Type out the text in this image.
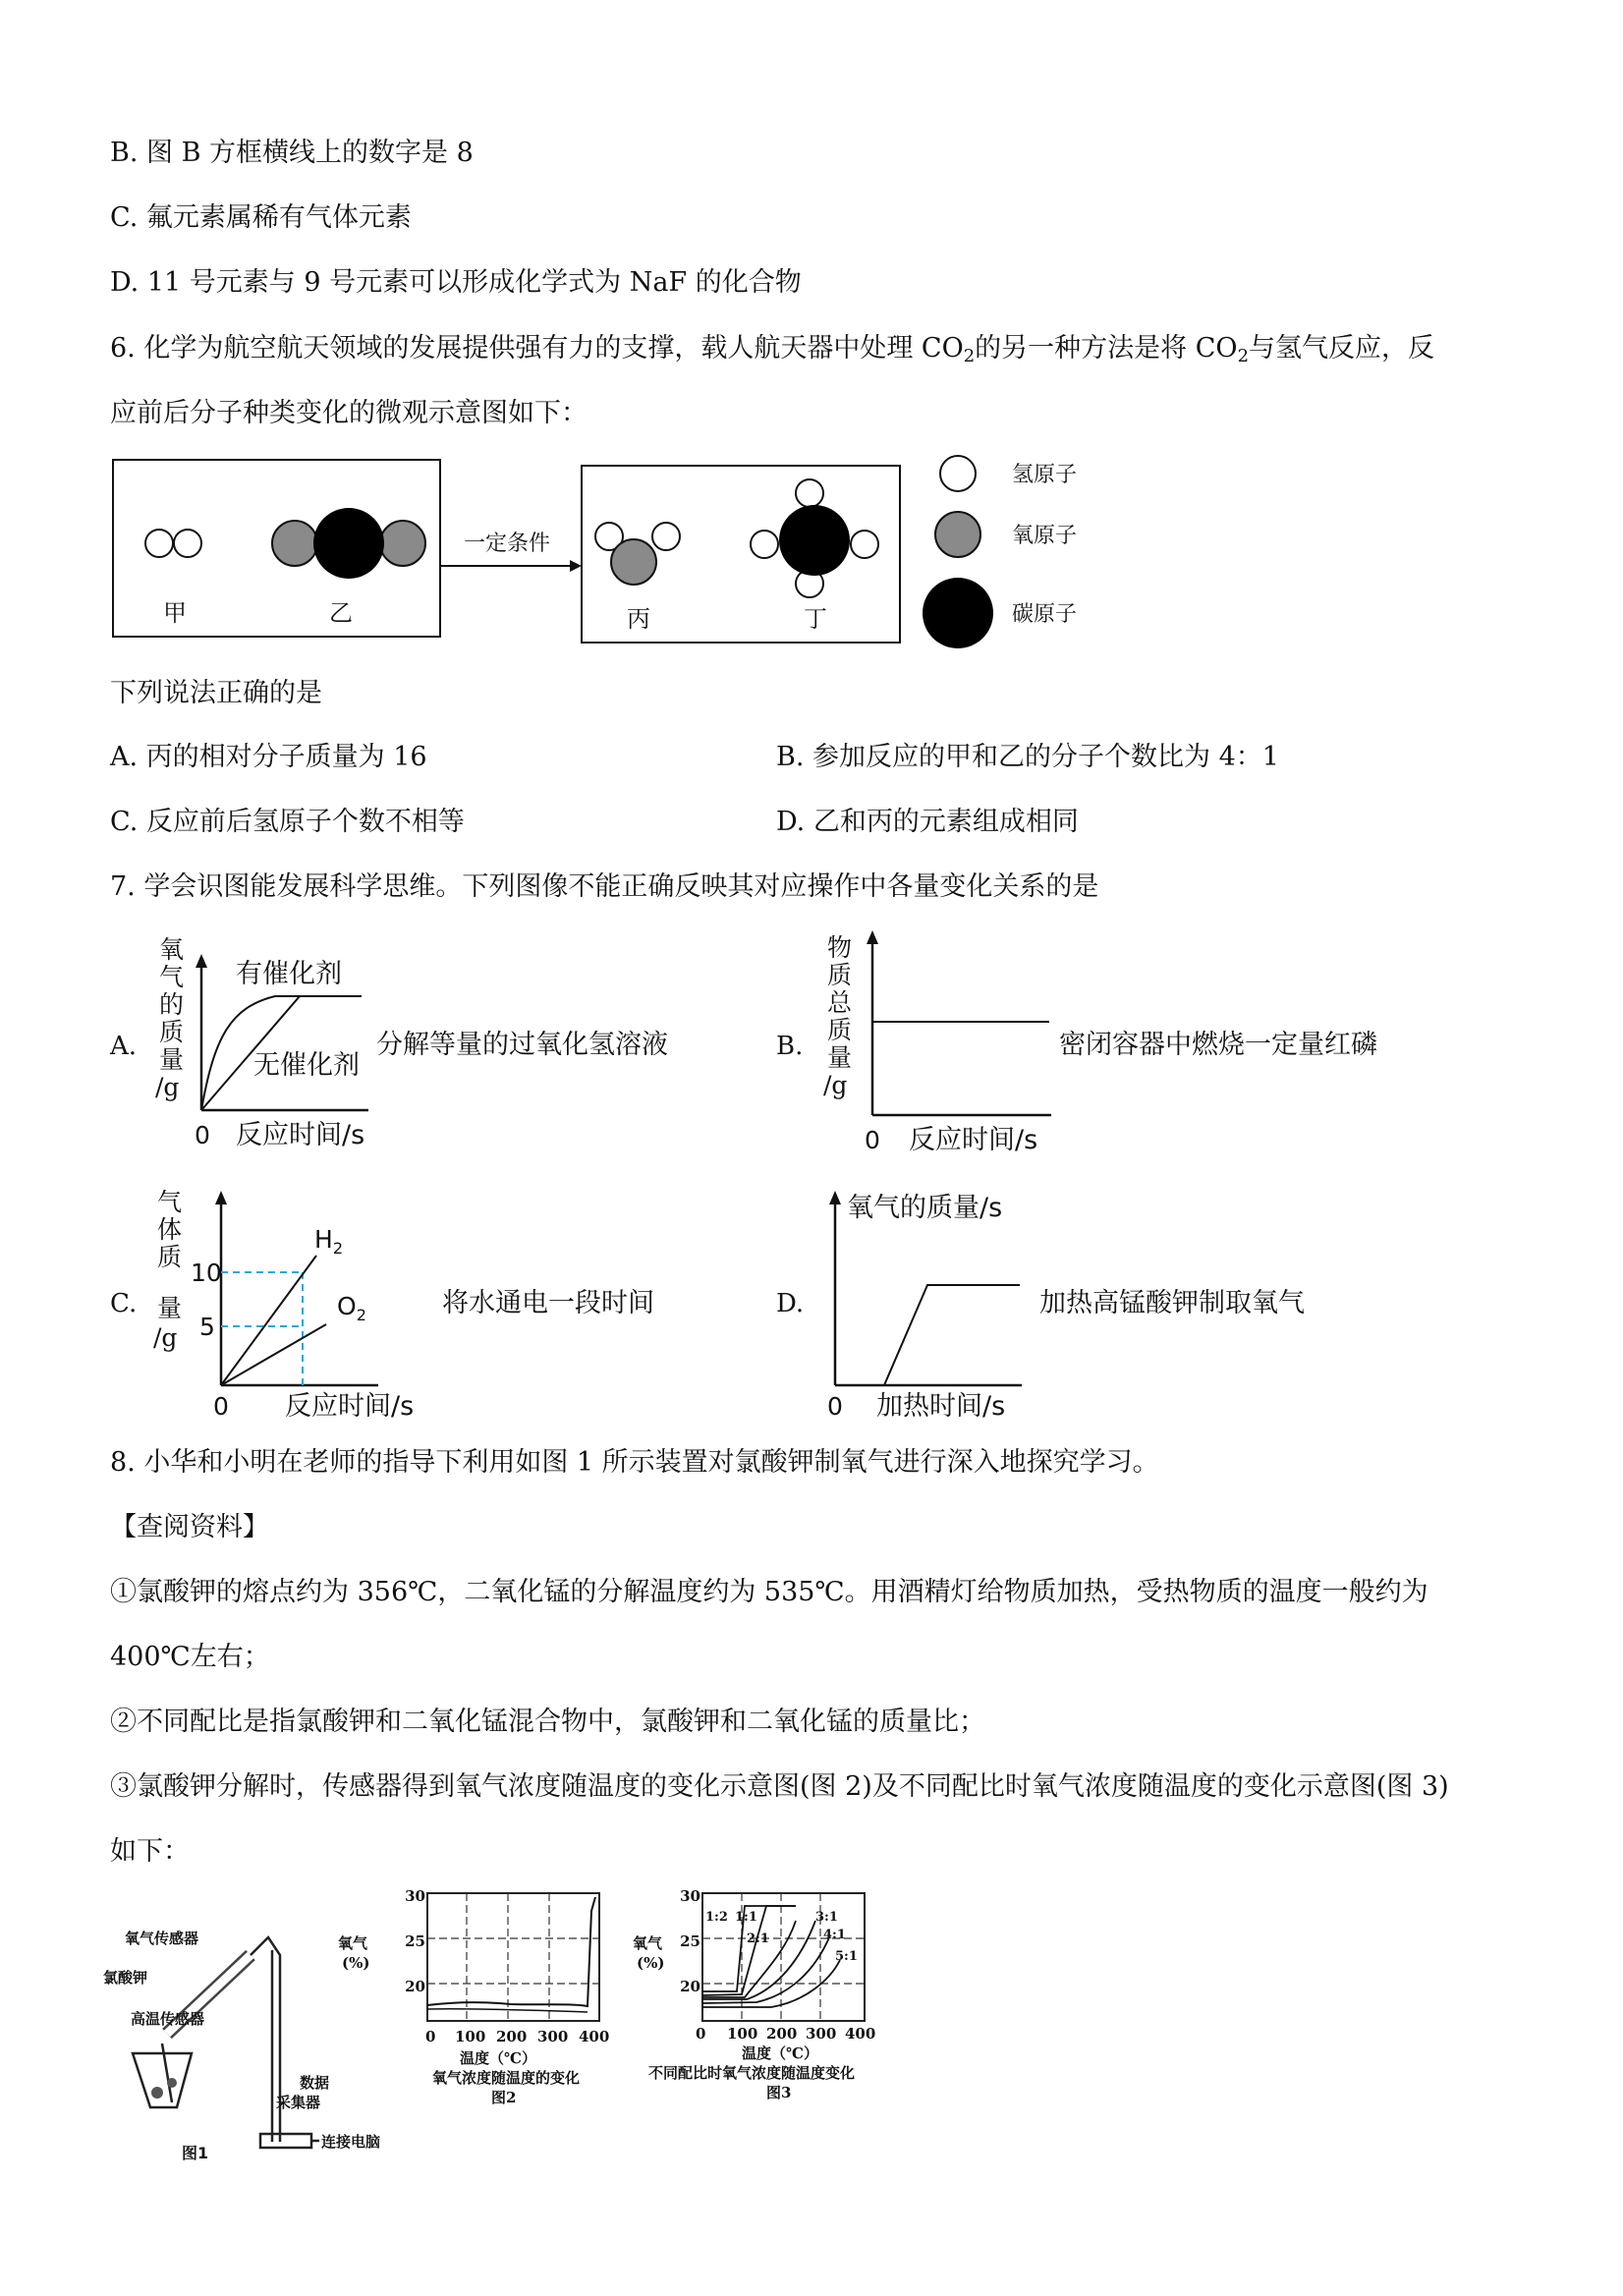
B. 图 B 方框横线上的数字是 8
C. 氟元素属稀有气体元素
D. 11 号元素与 9 号元素可以形成化学式为 NaF 的化合物
6. 化学为航空航天领域的发展提供强有力的支撑，载人航天器中处理 $CO_2$的另一种方法是将 $CO_2$与氢气反应，反
应前后分子种类变化的微观示意图如下：
甲	乙
一定条件
丙	丁
氢原子
氧原子
碳原子
下列说法正确的是
A. 丙的相对分子质量为 16	B. 参加反应的甲和乙的分子个数比为 4：1
C. 反应前后氢原子个数不相等	D. 乙和丙的元素组成相同
7. 学会识图能发展科学思维。下列图像不能正确反映其对应操作中各量变化关系的是
A.
氧
气
的
质
量
/g
有催化剂
无催化剂
0 反应时间/s
分解等量的过氧化氢溶液	B.
物
质
总
质
量
/g
0 反应时间/s
密闭容器中燃烧一定量红磷
C.
气
体
质
量
/g
10
5
$H_2$
$O_2$
0 反应时间/s
将水通电一段时间	D.
氧气的质量/s
0 加热时间/s
加热高锰酸钾制取氧气
8. 小华和小明在老师的指导下利用如图 1 所示装置对氯酸钾制氧气进行深入地探究学习。
【查阅资料】
①氯酸钾的熔点约为 356℃，二氧化锰的分解温度约为 535℃。用酒精灯给物质加热，受热物质的温度一般约为
400℃左右；
②不同配比是指氯酸钾和二氧化锰混合物中，氯酸钾和二氧化锰的质量比；
③氯酸钾分解时，传感器得到氧气浓度随温度的变化示意图(图 2)及不同配比时氧气浓度随温度的变化示意图(图 3)
如下：
氧气传感器
氯酸钾
高温传感器
数据
采集器
连接电脑
图1
30
25
20
氧气
(%)
0 100 200 300 400
温度（℃）
氧气浓度随温度的变化
图2
1:2 1:1
2:1
3:1
4:1
5:1
30
25
20
氧气
(%)
0 100 200 300 400
温度（℃）
不同配比时氧气浓度随温度变化
图3
